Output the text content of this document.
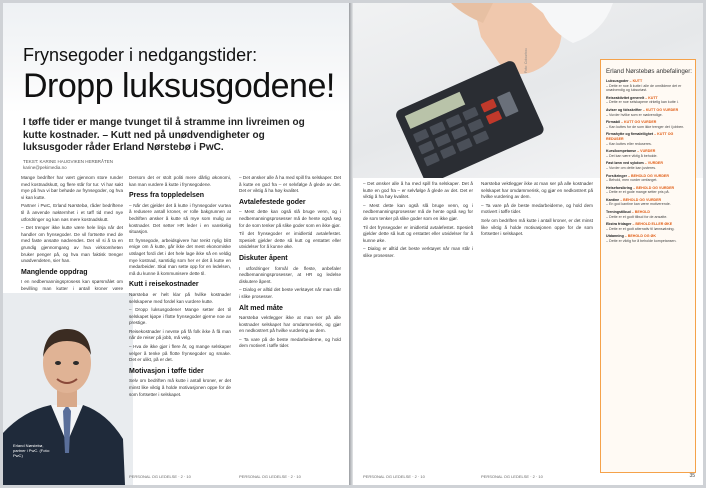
Frynsegoder i nedgangstider:
Dropp luksusgodene!
I tøffe tider er mange tvunget til å stramme inn livreimen og kutte kostnader. – Kutt ned på unødvendigheter og luksusgoder råder Erland Nørstebø i PwC.
TEKST: KARINE HAUGVIKEN HERBRÅTEN
karine@pekimedia.no

Mange bedrifter har vært gjennom store runder med kostnadskutt, og flere står for tur. Vi har sakt mye på hva vi bør behøde av frynsegoder, og hva vi kan kutte.

Partner i PwC, Erland Nørstebø, råder bedriftene til å anvende nøkternhet i et tøff tid med nye utfordringer og kan nøs mere kostnadskutt.

– Det trenger ikke kutte være hele linja når det handler om frynsegoder. De vil fortsette med de med faste ansatte nødvendes. Det vil si å ta en grundig gjennomgang av hva virksomheten bruker penger på, og hva man faktisk trenger unødvendeten, sier han.

Manglende oppdrag

I en nedbemanningsprosess kan spørsmålet om bevilling man kutter i antall kroner være

Erland Nørstebø, partner i PwC. (Foto: PwC)

Dersom det er stolt politi mere dårlig økonomi, kan man vurdere å kutte i frynsegodene.

Press fra toppledelsen

– Når det gjelder det å kutte i frynsegoder vurtea å redusere antall kroner, er rolle bakgrunnen at bedriften ønsker å kutte så mye som mulig av kostnader. Det setter HR leder i en vanskelig situasjon.

Et frynsegode, arbeidsgivere har tenkt nylig blitt enige om å kutte, går ikke det mest ekonomiske utslaget fordi det i det hele lage ikke så en veldig mye kostnad, samtidig som her er det å kutte en medarbeider. Skal man sette opp for en ledelsen, må du kunne å kommunisere dette til.

Kutt i reisekostnader

Nørstebø er helt klar på hvilke kostnader selskapene med fordel kan vurdere kutte.

– Dropp luksusgodene! Mange setter det til selskapet kjøpe i flotte frynsegoder gjerne noe av prestige.

Reisekostnader i nevnte på få folk ikke å få man når de reiser på jobb, må velg.

– Hva de ikke gjør i flere år, og mange selskaper velger å tenke på flotte frynsegoder og smake. Det er ulikt, på er det.

Motivasjon i tøffe tider

Selv om bedriften må kutte i antall kroner, er det minst like viktig å holde motivasjonen oppe for de som fortsetter i selskapet.

– Det ønsker alle å ha med spill fra selskaper. Det å kutte en god fra – er selvfølge å glede av det. Det er viktig å ha høy kvalitet.

Avtalefestede goder

– Mest dette kan også slå bruge venn, og i nedbemanningsprosesser må de hente også seg for de som tenker på slike goder som en ikke gjør.

Til det frynsegoder er imidlertid avtalefestet. Spesielt gjelder dette så kutt og erstattet eller utvidelser for å kunne øke.

Diskuter åpent

I utfordringer formål de fleste, anbefaler nedbemanningsprosesser, at HR og ledelse diskutere åpent.

– Dialog er alltid det beste verktøyet når man står i slike prosesser.

Alt med måte

Nørstebø vektlegger ikke at man ser på alle kostnader selskapet har omdømmerisk, og gjør en nedkostrert på hvilke vurdering av dem.

– Ta vare på de beste medarbeiderne, og hold dem motivert i tøffe tider.

PERSONAL OG LEDELSE · 2 · 10	PERSONAL OG LEDELSE · 2 · 10
Foto: Colourbox	Erland Nørstebøs anbefalinger:
Luksusgoder – KUTT
– Dette er noe å kutte i alle de områdene det er unødvendig og luksuriøst.
Reiseaktivitet generelt – KUTT
– Dette er noe selskapene virkelig kan kutte i.
Aviser og tidsskrifter – KUTT OG VURDER
– Vurder hvilke som er nødvendige.
Firmabil – KUTT OG VURDER
– Kan kuttes for de som ikke trenger det i jobben.
Firmahytte og firmaleilighet – KUTT OG REDUSER
– Kan kuttes eller reduseres.
Kurs/kompetanse – VURDER
– Det kan være viktig å beholde.
Fast lønn ved sykdom – VURDER
– Vurder om dette kan justeres.
Forsikringer – BEHOLD OG VURDER
– Behold, men vurder omfanget.
Helseforsikring – BEHOLD OG VURDER
– Dette er et gode mange setter pris på.
Kantine – BEHOLD OG VURDER
– En god kantine kan være motiverende.
Treningstilbud – BEHOLD
– Dette er et godt tilbud for de ansatte.
Ekstra fridager – BEHOLD ELLER ØKE
– Dette er et godt alternativ til lønnsøkning.
Utdanning – BEHOLD OG ØK
– Dette er viktig for å beholde kompetansen.

– Det ønsker alle å ha med spill fra selskaper. Det å kutte en god fra – er selvfølge å glede av det. Det er viktig å ha høy kvalitet.

– Mest dette kan også slå bruge venn, og i nedbemanningsprosesser må de hente også seg for de som tenker på slike goder som en ikke gjør.

Til det frynsegoder er imidlertid avtalefestet. Spesielt gjelder dette så kutt og erstattet eller utvidelser for å kunne øke.

– Dialog er alltid det beste verktøyet når man står i slike prosesser.

Nørstebø vektlegger ikke at man ser på alle kostnader selskapet har omdømmerisk, og gjør en nedkostrert på hvilke vurdering av dem.

– Ta vare på de beste medarbeiderne, og hold dem motivert i tøffe tider.

Selv om bedriften må kutte i antall kroner, er det minst like viktig å holde motivasjonen oppe for de som fortsetter i selskapet.

PERSONAL OG LEDELSE · 2 · 10	PERSONAL OG LEDELSE · 2 · 10	35
